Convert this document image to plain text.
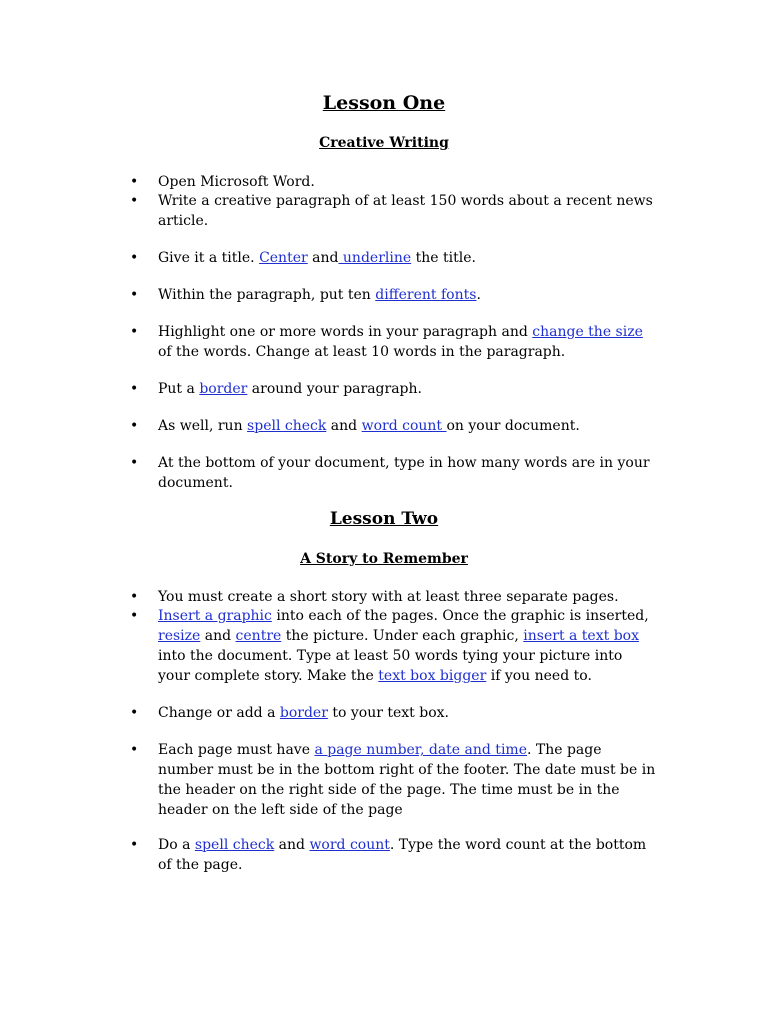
Lesson One
Creative Writing
• Open Microsoft Word.
• Write a creative paragraph of at least 150 words about a recent news article.
• Give it a title. Center and underline the title.
• Within the paragraph, put ten different fonts.
• Highlight one or more words in your paragraph and change the size of the words. Change at least 10 words in the paragraph.
• Put a border around your paragraph.
• As well, run spell check and word count on your document.
• At the bottom of your document, type in how many words are in your document.
Lesson Two
A Story to Remember
• You must create a short story with at least three separate pages.
• Insert a graphic into each of the pages. Once the graphic is inserted, resize and centre the picture. Under each graphic, insert a text box into the document. Type at least 50 words tying your picture into your complete story. Make the text box bigger if you need to.
• Change or add a border to your text box.
• Each page must have a page number, date and time. The page number must be in the bottom right of the footer. The date must be in the header on the right side of the page. The time must be in the header on the left side of the page
• Do a spell check and word count. Type the word count at the bottom of the page.
